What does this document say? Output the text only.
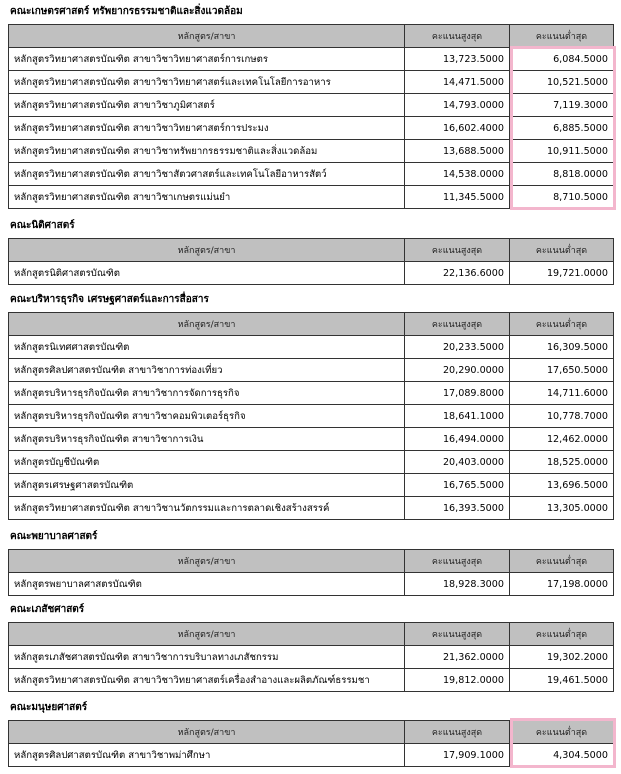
คณะเกษตรศาสตร์ ทรัพยากรธรรมชาติและสิ่งแวดล้อม
หลักสูตร/สาขา	คะแนนสูงสุด	คะแนนต่ำสุด
หลักสูตรวิทยาศาสตรบัณฑิต สาขาวิชาวิทยาศาสตร์การเกษตร	13,723.5000	6,084.5000
หลักสูตรวิทยาศาสตรบัณฑิต สาขาวิชาวิทยาศาสตร์และเทคโนโลยีการอาหาร	14,471.5000	10,521.5000
หลักสูตรวิทยาศาสตรบัณฑิต สาขาวิชาภูมิศาสตร์	14,793.0000	7,119.3000
หลักสูตรวิทยาศาสตรบัณฑิต สาขาวิชาวิทยาศาสตร์การประมง	16,602.4000	6,885.5000
หลักสูตรวิทยาศาสตรบัณฑิต สาขาวิชาทรัพยากรธรรมชาติและสิ่งแวดล้อม	13,688.5000	10,911.5000
หลักสูตรวิทยาศาสตรบัณฑิต สาขาวิชาสัตวศาสตร์และเทคโนโลยีอาหารสัตว์	14,538.0000	8,818.0000
หลักสูตรวิทยาศาสตรบัณฑิต สาขาวิชาเกษตรแม่นยำ	11,345.5000	8,710.5000
คณะนิติศาสตร์
หลักสูตร/สาขา	คะแนนสูงสุด	คะแนนต่ำสุด
หลักสูตรนิติศาสตรบัณฑิต	22,136.6000	19,721.0000
คณะบริหารธุรกิจ เศรษฐศาสตร์และการสื่อสาร
หลักสูตร/สาขา	คะแนนสูงสุด	คะแนนต่ำสุด
หลักสูตรนิเทศศาสตรบัณฑิต	20,233.5000	16,309.5000
หลักสูตรศิลปศาสตรบัณฑิต สาขาวิชาการท่องเที่ยว	20,290.0000	17,650.5000
หลักสูตรบริหารธุรกิจบัณฑิต สาขาวิชาการจัดการธุรกิจ	17,089.8000	14,711.6000
หลักสูตรบริหารธุรกิจบัณฑิต สาขาวิชาคอมพิวเตอร์ธุรกิจ	18,641.1000	10,778.7000
หลักสูตรบริหารธุรกิจบัณฑิต สาขาวิชาการเงิน	16,494.0000	12,462.0000
หลักสูตรบัญชีบัณฑิต	20,403.0000	18,525.0000
หลักสูตรเศรษฐศาสตรบัณฑิต	16,765.5000	13,696.5000
หลักสูตรวิทยาศาสตรบัณฑิต สาขาวิชานวัตกรรมและการตลาดเชิงสร้างสรรค์	16,393.5000	13,305.0000
คณะพยาบาลศาสตร์
หลักสูตร/สาขา	คะแนนสูงสุด	คะแนนต่ำสุด
หลักสูตรพยาบาลศาสตรบัณฑิต	18,928.3000	17,198.0000
คณะเภสัชศาสตร์
หลักสูตร/สาขา	คะแนนสูงสุด	คะแนนต่ำสุด
หลักสูตรเภสัชศาสตรบัณฑิต สาขาวิชาการบริบาลทางเภสัชกรรม	21,362.0000	19,302.2000
หลักสูตรวิทยาศาสตรบัณฑิต สาขาวิชาวิทยาศาสตร์เครื่องสำอางและผลิตภัณฑ์ธรรมชา	19,812.0000	19,461.5000
คณะมนุษยศาสตร์
หลักสูตร/สาขา	คะแนนสูงสุด	คะแนนต่ำสุด
หลักสูตรศิลปศาสตรบัณฑิต สาขาวิชาพม่าศึกษา	17,909.1000	4,304.5000
